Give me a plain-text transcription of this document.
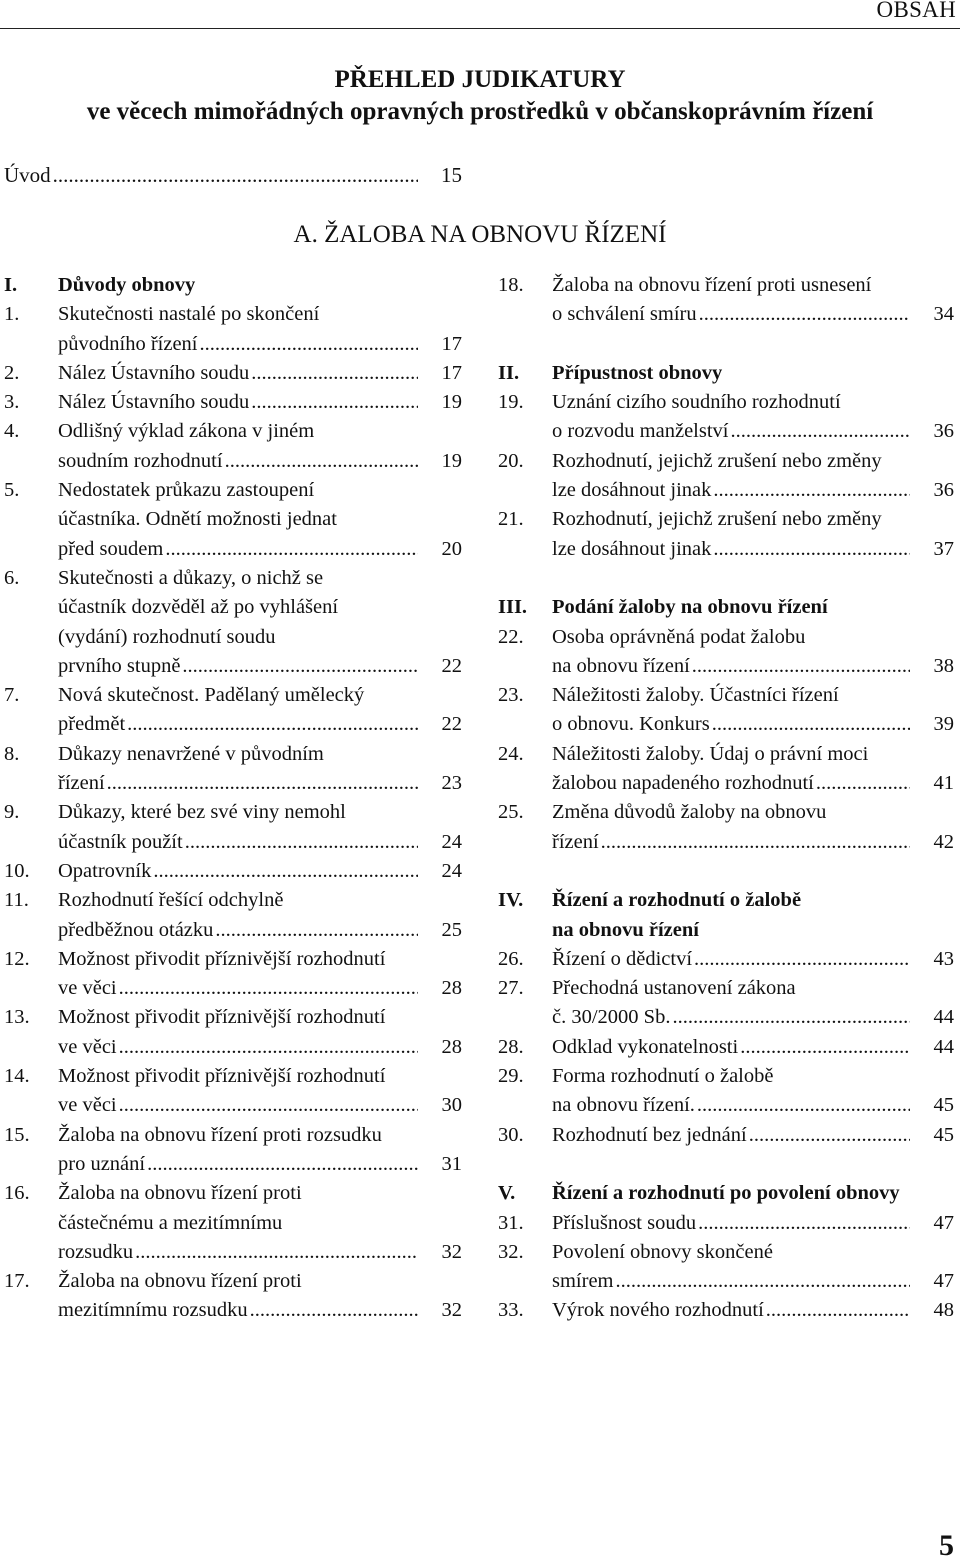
OBSAH
PŘEHLED JUDIKATURY
ve věcech mimořádných opravných prostředků v občanskoprávním řízení
Úvod .....	15
A. ŽALOBA NA OBNOVU ŘÍZENÍ
I.	Důvody obnovy
1.	Skutečnosti nastalé po skončení
původního řízení .....	17
2.	Nález Ústavního soudu .....	17
3.	Nález Ústavního soudu .....	19
4.	Odlišný výklad zákona v jiném
soudním rozhodnutí .....	19
5.	Nedostatek průkazu zastoupení
účastníka. Odnětí možnosti jednat
před soudem .....	20
6.	Skutečnosti a důkazy, o nichž se
účastník dozvěděl až po vyhlášení
(vydání) rozhodnutí soudu
prvního stupně .....	22
7.	Nová skutečnost. Padělaný umělecký
předmět .....	22
8.	Důkazy nenavržené v původním
řízení .....	23
9.	Důkazy, které bez své viny nemohl
účastník použít .....	24
10.	Opatrovník .....	24
11.	Rozhodnutí řešící odchylně
předběžnou otázku .....	25
12.	Možnost přivodit příznivější rozhodnutí
ve věci .....	28
13.	Možnost přivodit příznivější rozhodnutí
ve věci .....	28
14.	Možnost přivodit příznivější rozhodnutí
ve věci .....	30
15.	Žaloba na obnovu řízení proti rozsudku
pro uznání .....	31
16.	Žaloba na obnovu řízení proti
částečnému a mezitímnímu
rozsudku .....	32
17.	Žaloba na obnovu řízení proti
mezitímnímu rozsudku .....	32
18.	Žaloba na obnovu řízení proti usnesení
o schválení smíru .....	34
II.	Přípustnost obnovy
19.	Uznání cizího soudního rozhodnutí
o rozvodu manželství .....	36
20.	Rozhodnutí, jejichž zrušení nebo změny
lze dosáhnout jinak .....	36
21.	Rozhodnutí, jejichž zrušení nebo změny
lze dosáhnout jinak .....	37
III.	Podání žaloby na obnovu řízení
22.	Osoba oprávněná podat žalobu
na obnovu řízení .....	38
23.	Náležitosti žaloby. Účastníci řízení
o obnovu. Konkurs .....	39
24.	Náležitosti žaloby. Údaj o právní moci
žalobou napadeného rozhodnutí .....	41
25.	Změna důvodů žaloby na obnovu
řízení .....	42
IV.	Řízení a rozhodnutí o žalobě
na obnovu řízení
26.	Řízení o dědictví .....	43
27.	Přechodná ustanovení zákona
č. 30/2000 Sb. .....	44
28.	Odklad vykonatelnosti .....	44
29.	Forma rozhodnutí o žalobě
na obnovu řízení. .....	45
30.	Rozhodnutí bez jednání .....	45
V.	Řízení a rozhodnutí po povolení obnovy
31.	Příslušnost soudu .....	47
32.	Povolení obnovy skončené
smírem .....	47
33.	Výrok nového rozhodnutí .....	48
5
